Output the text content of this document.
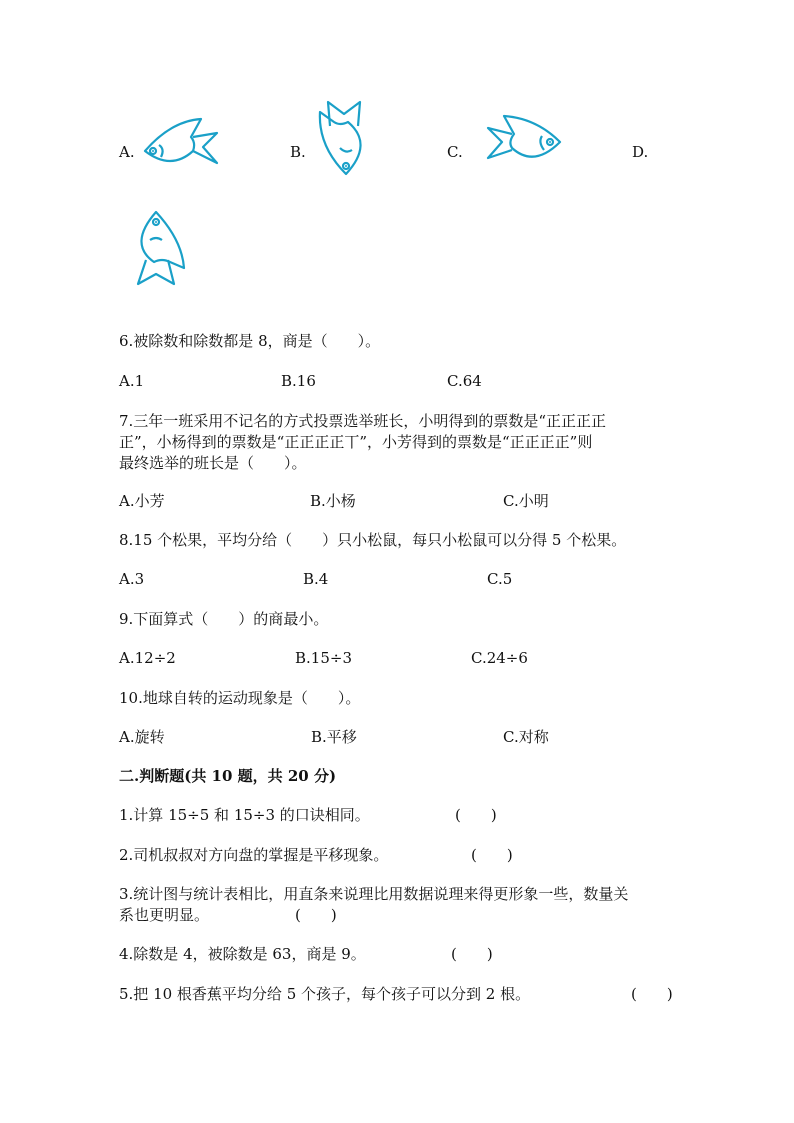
A.	B.	C.	D.
6.被除数和除数都是 8，商是（　　）。
A.1	B.16	C.64
7.三年一班采用不记名的方式投票选举班长，小明得到的票数是“正正正正
正”，小杨得到的票数是“正正正正丅”，小芳得到的票数是“正正正正”则
最终选举的班长是（　　）。
A.小芳	B.小杨	C.小明
8.15 个松果，平均分给（　　）只小松鼠，每只小松鼠可以分得 5 个松果。
A.3	B.4	C.5
9.下面算式（　　）的商最小。
A.12÷2	B.15÷3	C.24÷6
10.地球自转的运动现象是（　　）。
A.旋转	B.平移	C.对称
二.判断题(共 10 题，共 20 分)
1.计算 15÷5 和 15÷3 的口诀相同。	(　　)
2.司机叔叔对方向盘的掌握是平移现象。	(　　)
3.统计图与统计表相比，用直条来说理比用数据说理来得更形象一些，数量关
系也更明显。	(　　)
4.除数是 4，被除数是 63，商是 9。	(　　)
5.把 10 根香蕉平均分给 5 个孩子，每个孩子可以分到 2 根。	(　　)
